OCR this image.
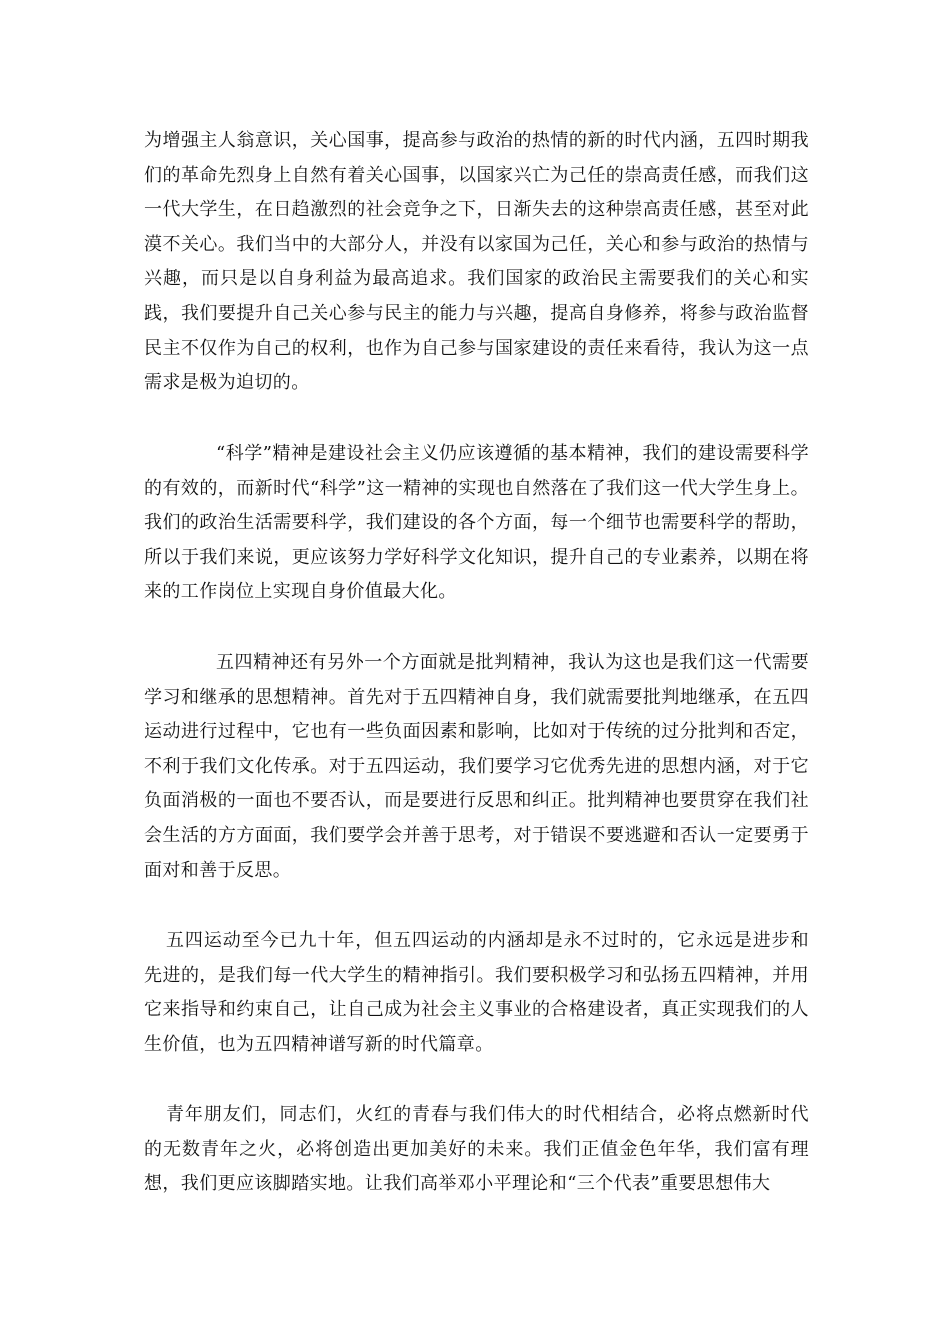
为增强主人翁意识，关心国事，提高参与政治的热情的新的时代内涵，五四时期我们的革命先烈身上自然有着关心国事，以国家兴亡为己任的崇高责任感，而我们这一代大学生，在日趋激烈的社会竞争之下，日渐失去的这种崇高责任感，甚至对此漠不关心。我们当中的大部分人，并没有以家国为己任，关心和参与政治的热情与兴趣，而只是以自身利益为最高追求。我们国家的政治民主需要我们的关心和实践，我们要提升自己关心参与民主的能力与兴趣，提高自身修养，将参与政治监督民主不仅作为自己的权利，也作为自己参与国家建设的责任来看待，我认为这一点需求是极为迫切的。

“科学”精神是建设社会主义仍应该遵循的基本精神，我们的建设需要科学的有效的，而新时代“科学”这一精神的实现也自然落在了我们这一代大学生身上。我们的政治生活需要科学，我们建设的各个方面，每一个细节也需要科学的帮助，所以于我们来说，更应该努力学好科学文化知识，提升自己的专业素养，以期在将来的工作岗位上实现自身价值最大化。

五四精神还有另外一个方面就是批判精神，我认为这也是我们这一代需要学习和继承的思想精神。首先对于五四精神自身，我们就需要批判地继承，在五四运动进行过程中，它也有一些负面因素和影响，比如对于传统的过分批判和否定，不利于我们文化传承。对于五四运动，我们要学习它优秀先进的思想内涵，对于它负面消极的一面也不要否认，而是要进行反思和纠正。批判精神也要贯穿在我们社会生活的方方面面，我们要学会并善于思考，对于错误不要逃避和否认一定要勇于面对和善于反思。

五四运动至今已九十年，但五四运动的内涵却是永不过时的，它永远是进步和先进的，是我们每一代大学生的精神指引。我们要积极学习和弘扬五四精神，并用它来指导和约束自己，让自己成为社会主义事业的合格建设者，真正实现我们的人生价值，也为五四精神谱写新的时代篇章。

青年朋友们，同志们，火红的青春与我们伟大的时代相结合，必将点燃新时代的无数青年之火，必将创造出更加美好的未来。我们正值金色年华，我们富有理想，我们更应该脚踏实地。让我们高举邓小平理论和“三个代表”重要思想伟大
